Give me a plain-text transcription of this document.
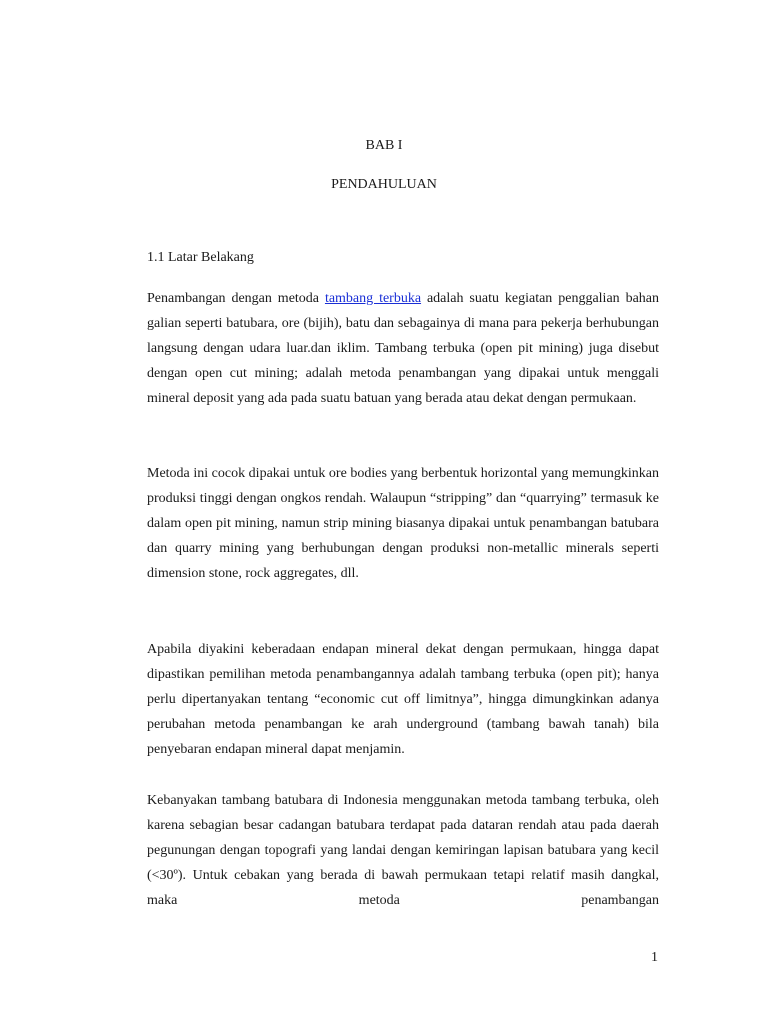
BAB I
PENDAHULUAN
1.1 Latar Belakang

Penambangan dengan metoda tambang terbuka adalah suatu kegiatan penggalian bahan galian seperti batubara, ore (bijih), batu dan sebagainya di mana para pekerja berhubungan langsung dengan udara luar.dan iklim. Tambang terbuka (open pit mining) juga disebut dengan open cut mining; adalah metoda penambangan yang dipakai untuk menggali mineral deposit yang ada pada suatu batuan yang berada atau dekat dengan permukaan.

Metoda ini cocok dipakai untuk ore bodies yang berbentuk horizontal yang memungkinkan produksi tinggi dengan ongkos rendah. Walaupun “stripping” dan “quarrying” termasuk ke dalam open pit mining, namun strip mining biasanya dipakai untuk penambangan batubara dan quarry mining yang berhubungan dengan produksi non-metallic minerals seperti dimension stone, rock aggregates, dll.

Apabila diyakini keberadaan endapan mineral dekat dengan permukaan, hingga dapat dipastikan pemilihan metoda penambangannya adalah tambang terbuka (open pit); hanya perlu dipertanyakan tentang “economic cut off limitnya”, hingga dimungkinkan adanya perubahan metoda penambangan ke arah underground (tambang bawah tanah) bila penyebaran endapan mineral dapat menjamin.

Kebanyakan tambang batubara di Indonesia menggunakan metoda tambang terbuka, oleh karena sebagian besar cadangan batubara terdapat pada dataran rendah atau pada daerah pegunungan dengan topografi yang landai dengan kemiringan lapisan batubara yang kecil (<30º). Untuk cebakan yang berada di bawah permukaan tetapi relatif masih dangkal, maka metoda penambangan

1
